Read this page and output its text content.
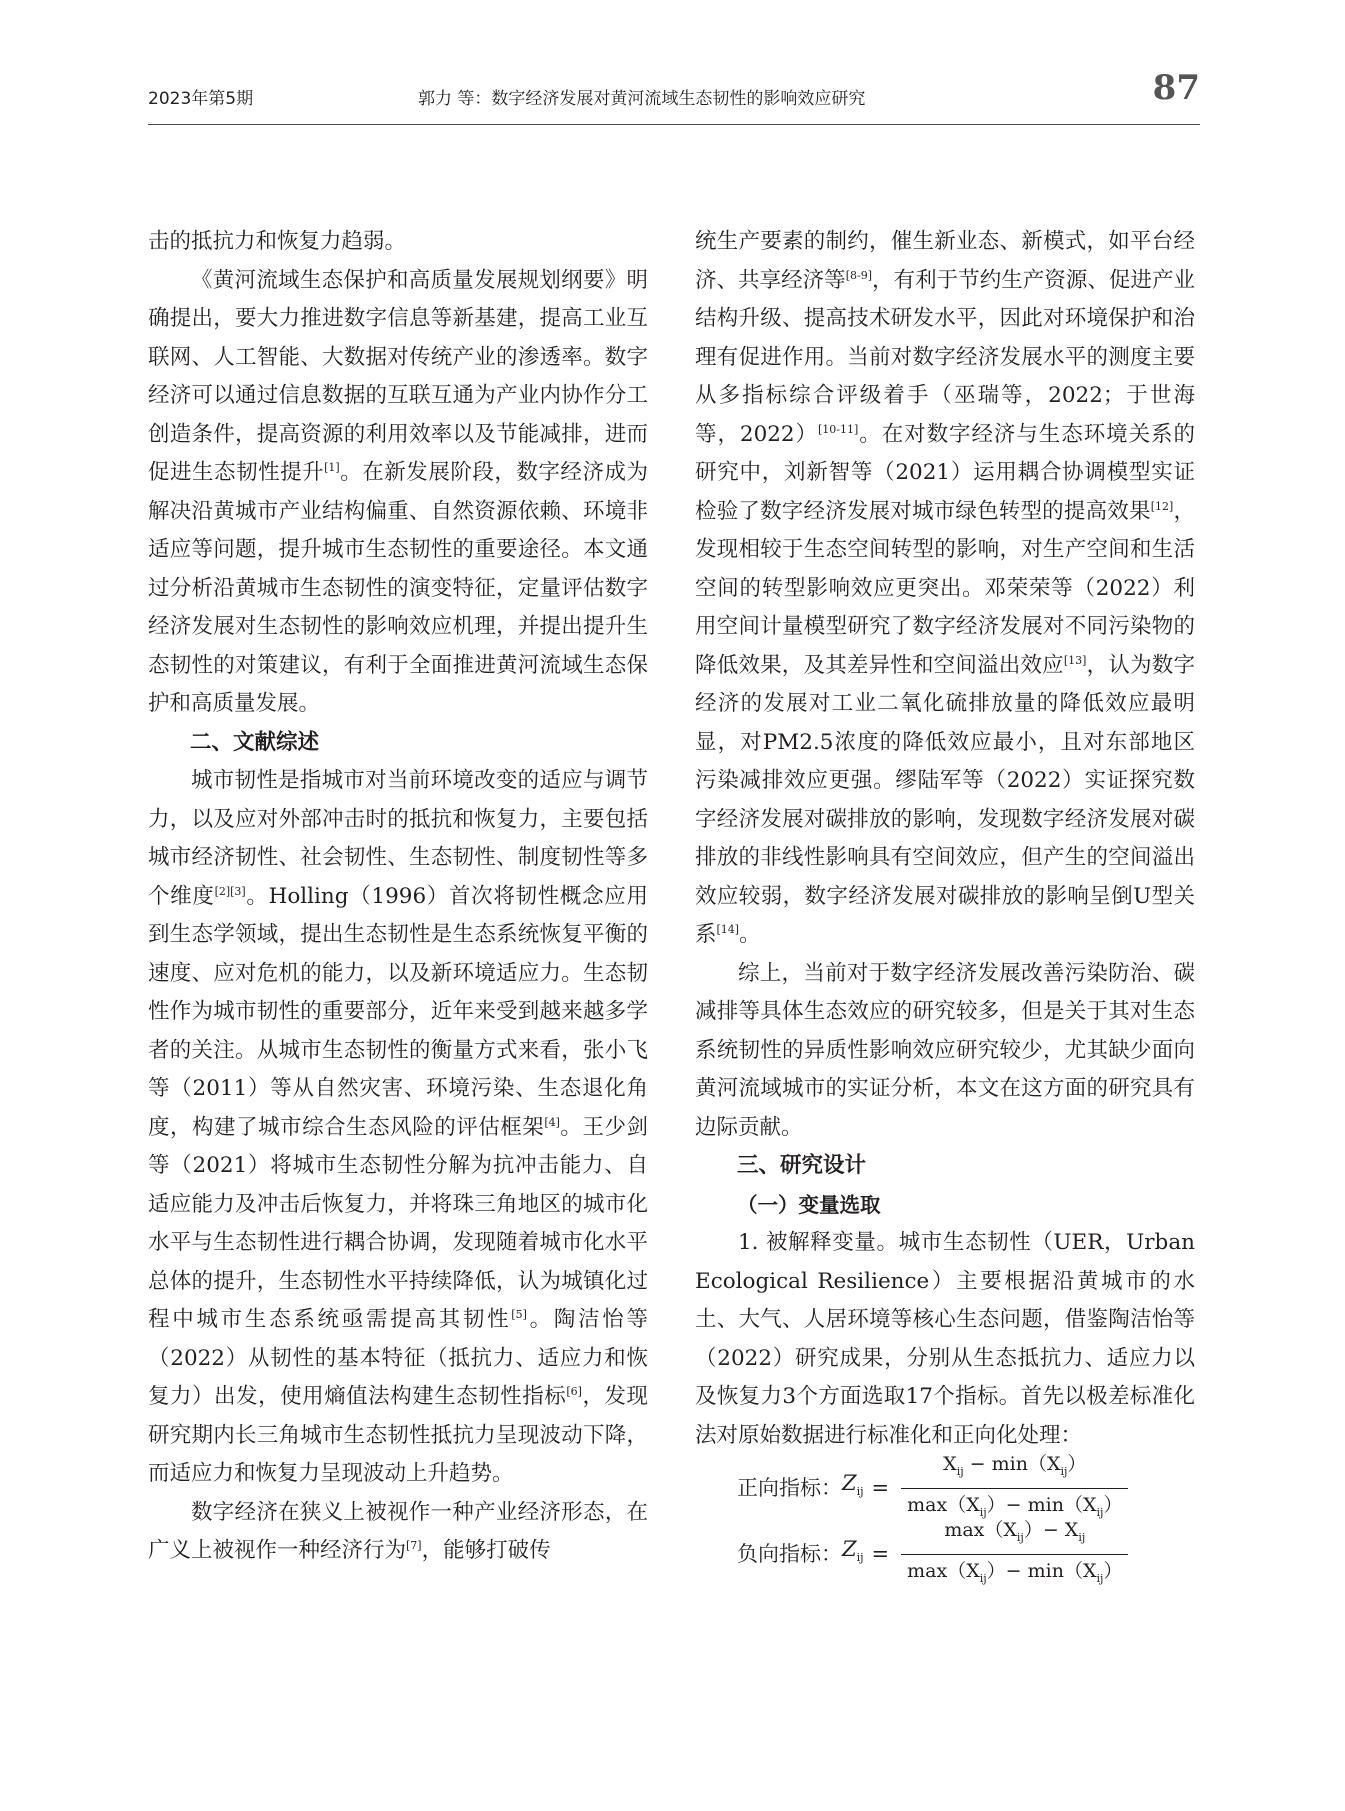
2023年第5期	郭力 等：数字经济发展对黄河流域生态韧性的影响效应研究	87

击的抵抗力和恢复力趋弱。

《黄河流域生态保护和高质量发展规划纲要》明确提出，要大力推进数字信息等新基建，提高工业互联网、人工智能、大数据对传统产业的渗透率。数字经济可以通过信息数据的互联互通为产业内协作分工创造条件，提高资源的利用效率以及节能减排，进而促进生态韧性提升[1]。在新发展阶段，数字经济成为解决沿黄城市产业结构偏重、自然资源依赖、环境非适应等问题，提升城市生态韧性的重要途径。本文通过分析沿黄城市生态韧性的演变特征，定量评估数字经济发展对生态韧性的影响效应机理，并提出提升生态韧性的对策建议，有利于全面推进黄河流域生态保护和高质量发展。

二、文献综述

城市韧性是指城市对当前环境改变的适应与调节力，以及应对外部冲击时的抵抗和恢复力，主要包括城市经济韧性、社会韧性、生态韧性、制度韧性等多个维度[2][3]。Holling（1996）首次将韧性概念应用到生态学领域，提出生态韧性是生态系统恢复平衡的速度、应对危机的能力，以及新环境适应力。生态韧性作为城市韧性的重要部分，近年来受到越来越多学者的关注。从城市生态韧性的衡量方式来看，张小飞等（2011）等从自然灾害、环境污染、生态退化角度，构建了城市综合生态风险的评估框架[4]。王少剑等（2021）将城市生态韧性分解为抗冲击能力、自适应能力及冲击后恢复力，并将珠三角地区的城市化水平与生态韧性进行耦合协调，发现随着城市化水平总体的提升，生态韧性水平持续降低，认为城镇化过程中城市生态系统亟需提高其韧性[5]。陶洁怡等（2022）从韧性的基本特征（抵抗力、适应力和恢复力）出发，使用熵值法构建生态韧性指标[6]，发现研究期内长三角城市生态韧性抵抗力呈现波动下降，而适应力和恢复力呈现波动上升趋势。

数字经济在狭义上被视作一种产业经济形态，在广义上被视作一种经济行为[7]，能够打破传

统生产要素的制约，催生新业态、新模式，如平台经济、共享经济等[8-9]，有利于节约生产资源、促进产业结构升级、提高技术研发水平，因此对环境保护和治理有促进作用。当前对数字经济发展水平的测度主要从多指标综合评级着手（巫瑞等，2022；于世海等，2022）[10-11]。在对数字经济与生态环境关系的研究中，刘新智等（2021）运用耦合协调模型实证检验了数字经济发展对城市绿色转型的提高效果[12]，发现相较于生态空间转型的影响，对生产空间和生活空间的转型影响效应更突出。邓荣荣等（2022）利用空间计量模型研究了数字经济发展对不同污染物的降低效果，及其差异性和空间溢出效应[13]，认为数字经济的发展对工业二氧化硫排放量的降低效应最明显，对PM2.5浓度的降低效应最小，且对东部地区污染减排效应更强。缪陆军等（2022）实证探究数字经济发展对碳排放的影响，发现数字经济发展对碳排放的非线性影响具有空间效应，但产生的空间溢出效应较弱，数字经济发展对碳排放的影响呈倒U型关系[14]。

综上，当前对于数字经济发展改善污染防治、碳减排等具体生态效应的研究较多，但是关于其对生态系统韧性的异质性影响效应研究较少，尤其缺少面向黄河流域城市的实证分析，本文在这方面的研究具有边际贡献。

三、研究设计
（一）变量选取

1. 被解释变量。城市生态韧性（UER，Urban Ecological Resilience）主要根据沿黄城市的水土、大气、人居环境等核心生态问题，借鉴陶洁怡等（2022）研究成果，分别从生态抵抗力、适应力以及恢复力3个方面选取17个指标。首先以极差标准化法对原始数据进行标准化和正向化处理：

正向指标： $Z_{ij} = \frac{X_{ij} - \min(X_{ij})}{\max(X_{ij})- \min(X_{ij})}$
负向指标： $Z_{ij} = \frac{\max(X_{ij})- X_{ij}}{\max(X_{ij})- \min(X_{ij})}$
